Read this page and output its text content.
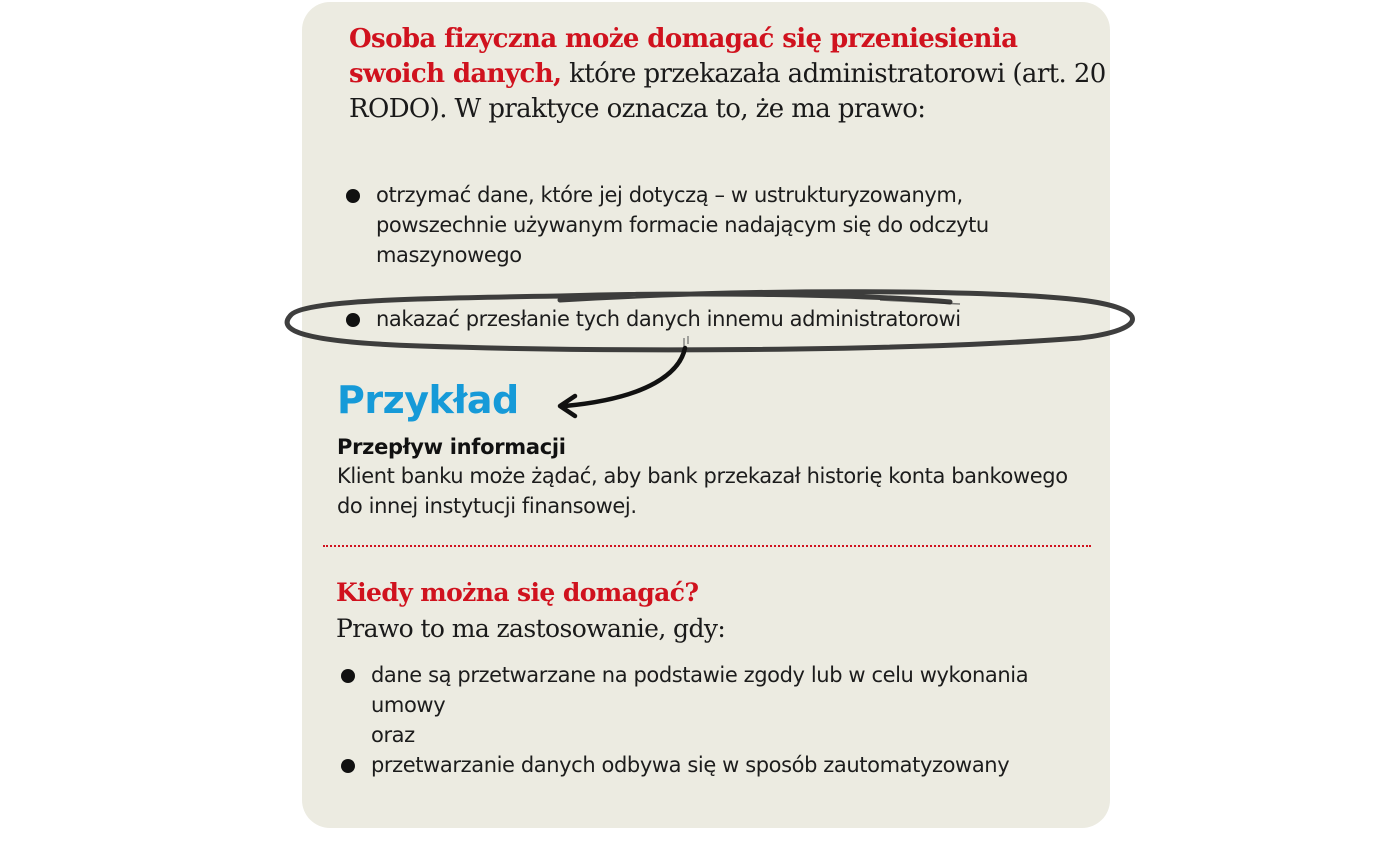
Osoba fizyczna może domagać się przeniesienia swoich danych, które przekazała administratorowi (art. 20 RODO). W praktyce oznacza to, że ma prawo:
otrzymać dane, które jej dotyczą – w ustrukturyzowanym, powszechnie używanym formacie nadającym się do odczytu maszynowego
nakazać przesłanie tych danych innemu administratorowi
Przykład
Przepływ informacji
Klient banku może żądać, aby bank przekazał historię konta bankowego do innej instytucji finansowej.
Kiedy można się domagać?
Prawo to ma zastosowanie, gdy:
dane są przetwarzane na podstawie zgody lub w celu wykonania umowy
oraz
przetwarzanie danych odbywa się w sposób zautomatyzowany
